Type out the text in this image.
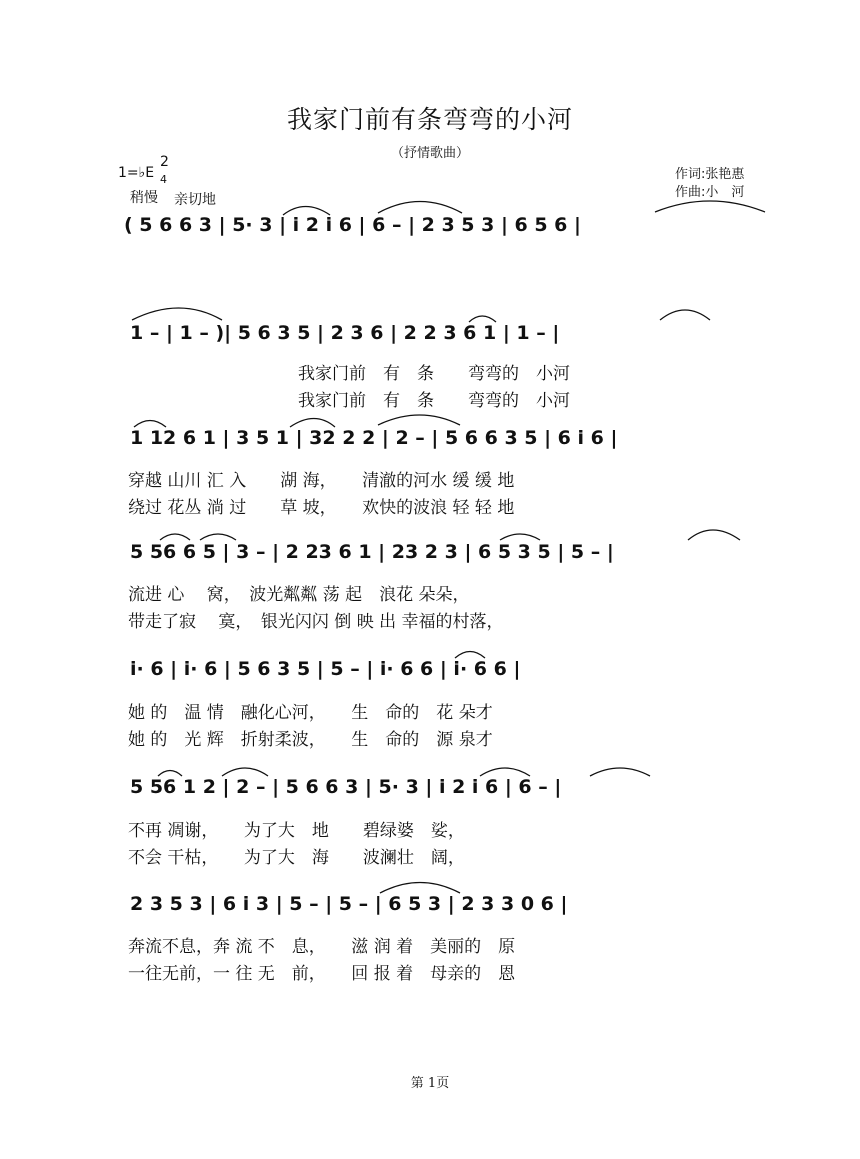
我家门前有条弯弯的小河
（抒情歌曲）
作词:张艳惠
作曲:小　河
1=♭E
2
4
稍慢 亲切地
( 5 6 6 3 | 5· 3 | i 2 i 6 | 6 – | 2 3 5 3 | 6 5 6 |
1 – | 1 – )| 5 6 3 5 | 2 3 6 | 2 2 3 6 1 | 1 – |
我家门前　有　条　　弯弯的　小河
我家门前　有　条　　弯弯的　小河
1 12 6 1 | 3 5 1 | 32 2 2 | 2 – | 5 6 6 3 5 | 6 i 6 |
穿越 山川 汇 入　　湖 海，　　清澈的河水 缓 缓 地
绕过 花丛 淌 过　　草 坡，　　欢快的波浪 轻 轻 地
5 56 6 5 | 3 – | 2 23 6 1 | 23 2 3 | 6 5 3 5 | 5 – |
流进 心　 窝，　波光粼粼 荡 起　浪花 朵朵，
带走了寂　 寞，　银光闪闪 倒 映 出 幸福的村落，
i· 6 | i· 6 | 5 6 3 5 | 5 – | i· 6 6 | i· 6 6 |
她 的　温 情　融化心河，　　生　命的　花 朵才
她 的　光 辉　折射柔波，　　生　命的　源 泉才
5 56 1 2 | 2 – | 5 6 6 3 | 5· 3 | i 2 i 6 | 6 – |
不再 凋谢，　　为了大　地　　碧绿婆　娑，
不会 干枯，　　为了大　海　　波澜壮　阔，
2 3 5 3 | 6 i 3 | 5 – | 5 – | 6 5 3 | 2 3 3 0 6 |
奔流不息，奔 流 不　息，　　滋 润 着　美丽的　原
一往无前，一 往 无　前，　　回 报 着　母亲的　恩
第 1页
